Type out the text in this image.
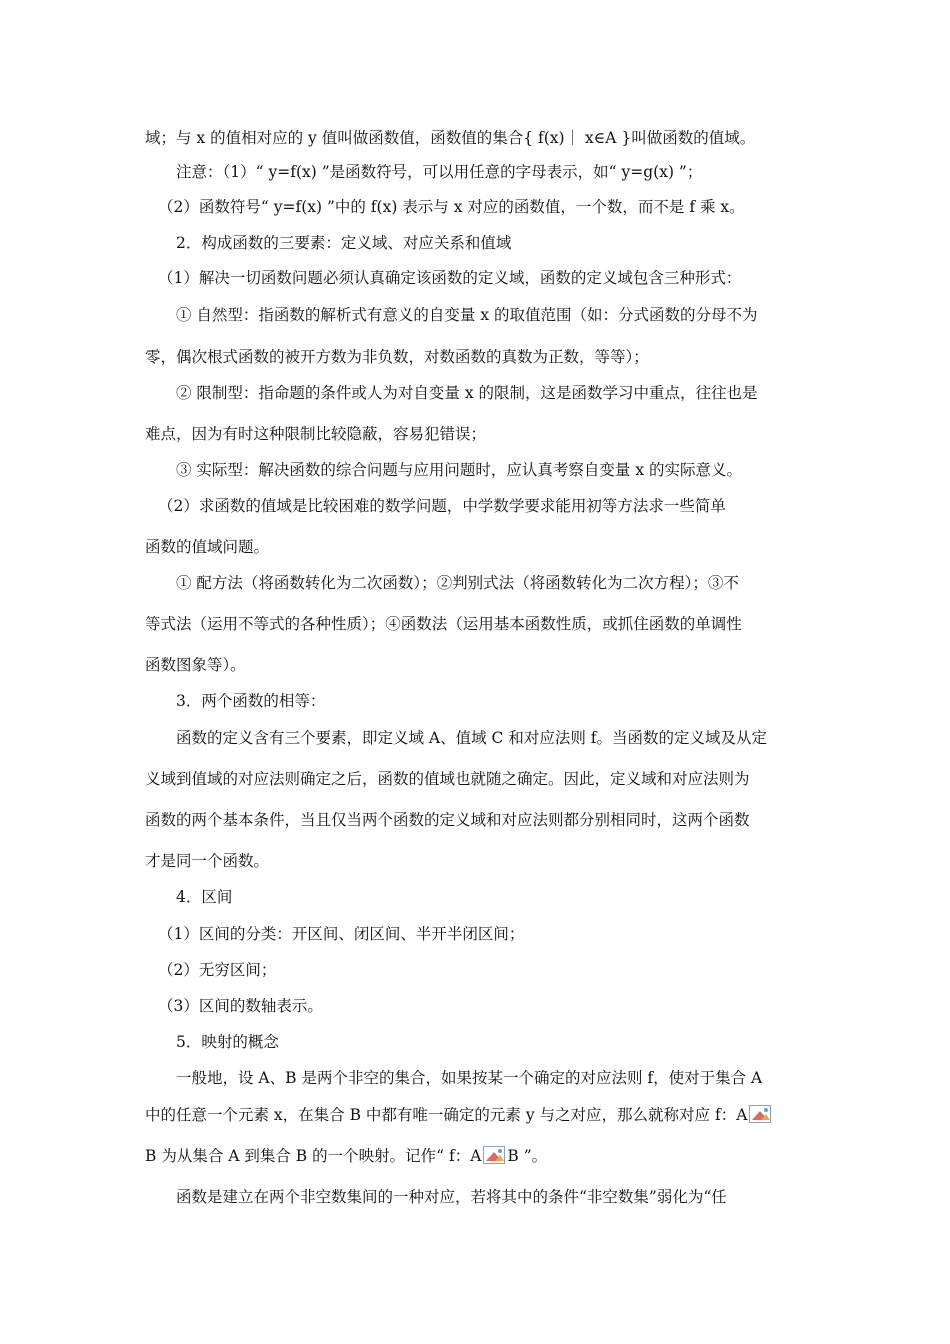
域；与 x 的值相对应的 y 值叫做函数值，函数值的集合{ f(x)｜ x∈A }叫做函数的值域。
注意：（1）“ y=f(x) ”是函数符号，可以用任意的字母表示，如“ y=g(x) ”；
（2）函数符号“ y=f(x) ”中的 f(x) 表示与 x 对应的函数值，一个数，而不是 f 乘 x。
2．构成函数的三要素：定义域、对应关系和值域
（1）解决一切函数问题必须认真确定该函数的定义域，函数的定义域包含三种形式：
① 自然型：指函数的解析式有意义的自变量 x 的取值范围（如：分式函数的分母不为
零，偶次根式函数的被开方数为非负数，对数函数的真数为正数，等等）；
② 限制型：指命题的条件或人为对自变量 x 的限制，这是函数学习中重点，往往也是
难点，因为有时这种限制比较隐蔽，容易犯错误；
③ 实际型：解决函数的综合问题与应用问题时，应认真考察自变量 x 的实际意义。
（2）求函数的值域是比较困难的数学问题，中学数学要求能用初等方法求一些简单
函数的值域问题。
① 配方法（将函数转化为二次函数）；②判别式法（将函数转化为二次方程）；③不
等式法（运用不等式的各种性质）；④函数法（运用基本函数性质，或抓住函数的单调性
函数图象等）。
3．两个函数的相等：
函数的定义含有三个要素，即定义域 A、值域 C 和对应法则 f。当函数的定义域及从定
义域到值域的对应法则确定之后，函数的值域也就随之确定。因此，定义域和对应法则为
函数的两个基本条件，当且仅当两个函数的定义域和对应法则都分别相同时，这两个函数
才是同一个函数。
4．区间
（1）区间的分类：开区间、闭区间、半开半闭区间；
（2）无穷区间；
（3）区间的数轴表示。
5．映射的概念
一般地，设 A、B 是两个非空的集合，如果按某一个确定的对应法则 f，使对于集合 A
中的任意一个元素 x，在集合 B 中都有唯一确定的元素 y 与之对应，那么就称对应 f：A
B 为从集合 A 到集合 B 的一个映射。记作“ f：A B ”。
函数是建立在两个非空数集间的一种对应，若将其中的条件“非空数集”弱化为“任
